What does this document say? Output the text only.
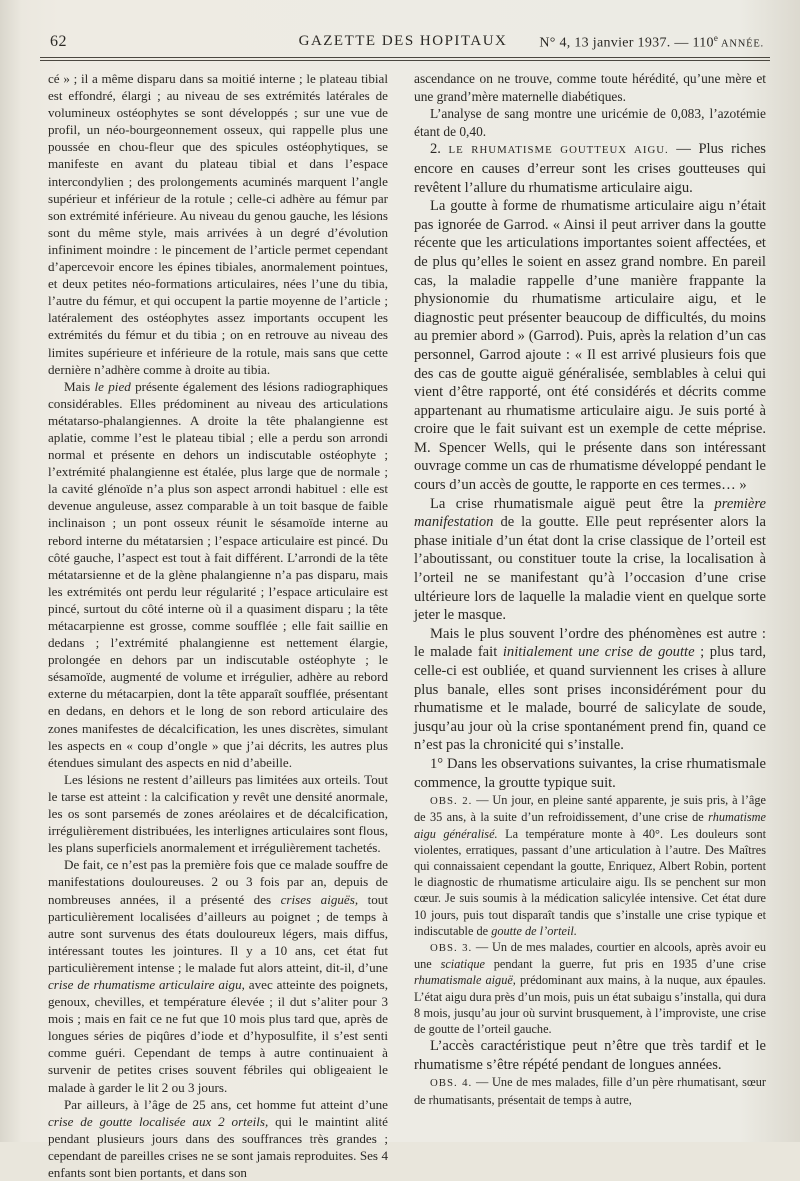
62	GAZETTE DES HOPITAUX	N° 4, 13 janvier 1937. — 110e ANNÉE.

cé » ; il a même disparu dans sa moitié interne ; le plateau tibial est effondré, élargi ; au niveau de ses extrémités latérales de volumineux ostéophytes se sont développés ; sur une vue de profil, un néo-bourgeonnement osseux, qui rappelle plus une poussée en chou-fleur que des spicules ostéophytiques, se manifeste en avant du plateau tibial et dans l’espace intercondylien ; des prolongements acuminés marquent l’angle supérieur et inférieur de la rotule ; celle-ci adhère au fémur par son extrémité inférieure. Au niveau du genou gauche, les lésions sont du même style, mais arrivées à un degré d’évolution infiniment moindre : le pincement de l’article permet cependant d’apercevoir encore les épines tibiales, anormalement pointues, et deux petites néo-formations articulaires, nées l’une du tibia, l’autre du fémur, et qui occupent la partie moyenne de l’article ; latéralement des ostéophytes assez importants occupent les extrémités du fémur et du tibia ; on en retrouve au niveau des limites supérieure et inférieure de la rotule, mais sans que cette dernière n’adhère comme à droite au tibia.

Mais le pied présente également des lésions radiographiques considérables. Elles prédominent au niveau des articulations métatarso-phalangiennes. A droite la tête phalangienne est aplatie, comme l’est le plateau tibial ; elle a perdu son arrondi normal et présente en dehors un indiscutable ostéophyte ; l’extrémité phalangienne est étalée, plus large que de normale ; la cavité glénoïde n’a plus son aspect arrondi habituel : elle est devenue anguleuse, assez comparable à un toit basque de faible inclinaison ; un pont osseux réunit le sésamoïde interne au rebord interne du métatarsien ; l’espace articulaire est pincé. Du côté gauche, l’aspect est tout à fait différent. L’arrondi de la tête métatarsienne et de la glène phalangienne n’a pas disparu, mais les extrémités ont perdu leur régularité ; l’espace articulaire est pincé, surtout du côté interne où il a quasiment disparu ; la tête métacarpienne est grosse, comme soufflée ; elle fait saillie en dedans ; l’extrémité phalangienne est nettement élargie, prolongée en dehors par un indiscutable ostéophyte ; le sésamoïde, augmenté de volume et irrégulier, adhère au rebord externe du métacarpien, dont la tête apparaît soufflée, présentant en dedans, en dehors et le long de son rebord articulaire des zones manifestes de décalcification, les unes discrètes, simulant les aspects en « coup d’ongle » que j’ai décrits, les autres plus étendues simulant des aspects en nid d’abeille.

Les lésions ne restent d’ailleurs pas limitées aux orteils. Tout le tarse est atteint : la calcification y revêt une densité anormale, les os sont parsemés de zones aréolaires et de décalcification, irrégulièrement distribuées, les interlignes articulaires sont flous, les plans superficiels anormalement et irrégulièrement tachetés.

De fait, ce n’est pas la première fois que ce malade souffre de manifestations douloureuses. 2 ou 3 fois par an, depuis de nombreuses années, il a présenté des crises aiguës, tout particulièrement localisées d’ailleurs au poignet ; de temps à autre sont survenus des états douloureux légers, mais diffus, intéressant toutes les jointures. Il y a 10 ans, cet état fut particulièrement intense ; le malade fut alors atteint, dit-il, d’une crise de rhumatisme articulaire aigu, avec atteinte des poignets, genoux, chevilles, et température élevée ; il dut s’aliter pour 3 mois ; mais en fait ce ne fut que 10 mois plus tard que, après de longues séries de piqûres d’iode et d’hyposulfite, il s’est senti comme guéri. Cependant de temps à autre continuaient à survenir de petites crises souvent fébriles qui obligeaient le malade à garder le lit 2 ou 3 jours.

Par ailleurs, à l’âge de 25 ans, cet homme fut atteint d’une crise de goutte localisée aux 2 orteils, qui le maintint alité pendant plusieurs jours dans des souffrances très grandes ; cependant de pareilles crises ne se sont jamais reproduites. Ses 4 enfants sont bien portants, et dans son

ascendance on ne trouve, comme toute hérédité, qu’une mère et une grand’mère maternelle diabétiques.

L’analyse de sang montre une uricémie de 0,083, l’azotémie étant de 0,40.

2. LE RHUMATISME GOUTTEUX AIGU. — Plus riches encore en causes d’erreur sont les crises goutteuses qui revêtent l’allure du rhumatisme articulaire aigu.

La goutte à forme de rhumatisme articulaire aigu n’était pas ignorée de Garrod. « Ainsi il peut arriver dans la goutte récente que les articulations importantes soient affectées, et de plus qu’elles le soient en assez grand nombre. En pareil cas, la maladie rappelle d’une manière frappante la physionomie du rhumatisme articulaire aigu, et le diagnostic peut présenter beaucoup de difficultés, du moins au premier abord » (Garrod). Puis, après la relation d’un cas personnel, Garrod ajoute : « Il est arrivé plusieurs fois que des cas de goutte aiguë généralisée, semblables à celui qui vient d’être rapporté, ont été considérés et décrits comme appartenant au rhumatisme articulaire aigu. Je suis porté à croire que le fait suivant est un exemple de cette méprise. M. Spencer Wells, qui le présente dans son intéressant ouvrage comme un cas de rhumatisme développé pendant le cours d’un accès de goutte, le rapporte en ces termes… »

La crise rhumatismale aiguë peut être la première manifestation de la goutte. Elle peut représenter alors la phase initiale d’un état dont la crise classique de l’orteil est l’aboutissant, ou constituer toute la crise, la localisation à l’orteil ne se manifestant qu’à l’occasion d’une crise ultérieure lors de laquelle la maladie vient en quelque sorte jeter le masque.

Mais le plus souvent l’ordre des phénomènes est autre : le malade fait initialement une crise de goutte ; plus tard, celle-ci est oubliée, et quand surviennent les crises à allure plus banale, elles sont prises inconsidérément pour du rhumatisme et le malade, bourré de salicylate de soude, jusqu’au jour où la crise spontanément prend fin, quand ce n’est pas la chronicité qui s’installe.

1° Dans les observations suivantes, la crise rhumatismale commence, la groutte typique suit.

OBS. 2. — Un jour, en pleine santé apparente, je suis pris, à l’âge de 35 ans, à la suite d’un refroidissement, d’une crise de rhumatisme aigu généralisé. La température monte à 40°. Les douleurs sont violentes, erratiques, passant d’une articulation à l’autre. Des Maîtres qui connaissaient cependant la goutte, Enriquez, Albert Robin, portent le diagnostic de rhumatisme articulaire aigu. Ils se penchent sur mon cœur. Je suis soumis à la médication salicylée intensive. Cet état dure 10 jours, puis tout disparaît tandis que s’installe une crise typique et indiscutable de goutte de l’orteil.

OBS. 3. — Un de mes malades, courtier en alcools, après avoir eu une sciatique pendant la guerre, fut pris en 1935 d’une crise rhumatismale aiguë, prédominant aux mains, à la nuque, aux épaules. L’état aigu dura près d’un mois, puis un état subaigu s’installa, qui dura 8 mois, jusqu’au jour où survint brusquement, à l’improviste, une crise de goutte de l’orteil gauche.

L’accès caractéristique peut n’être que très tardif et le rhumatisme s’être répété pendant de longues années.

OBS. 4. — Une de mes malades, fille d’un père rhumatisant, sœur de rhumatisants, présentait de temps à autre,
